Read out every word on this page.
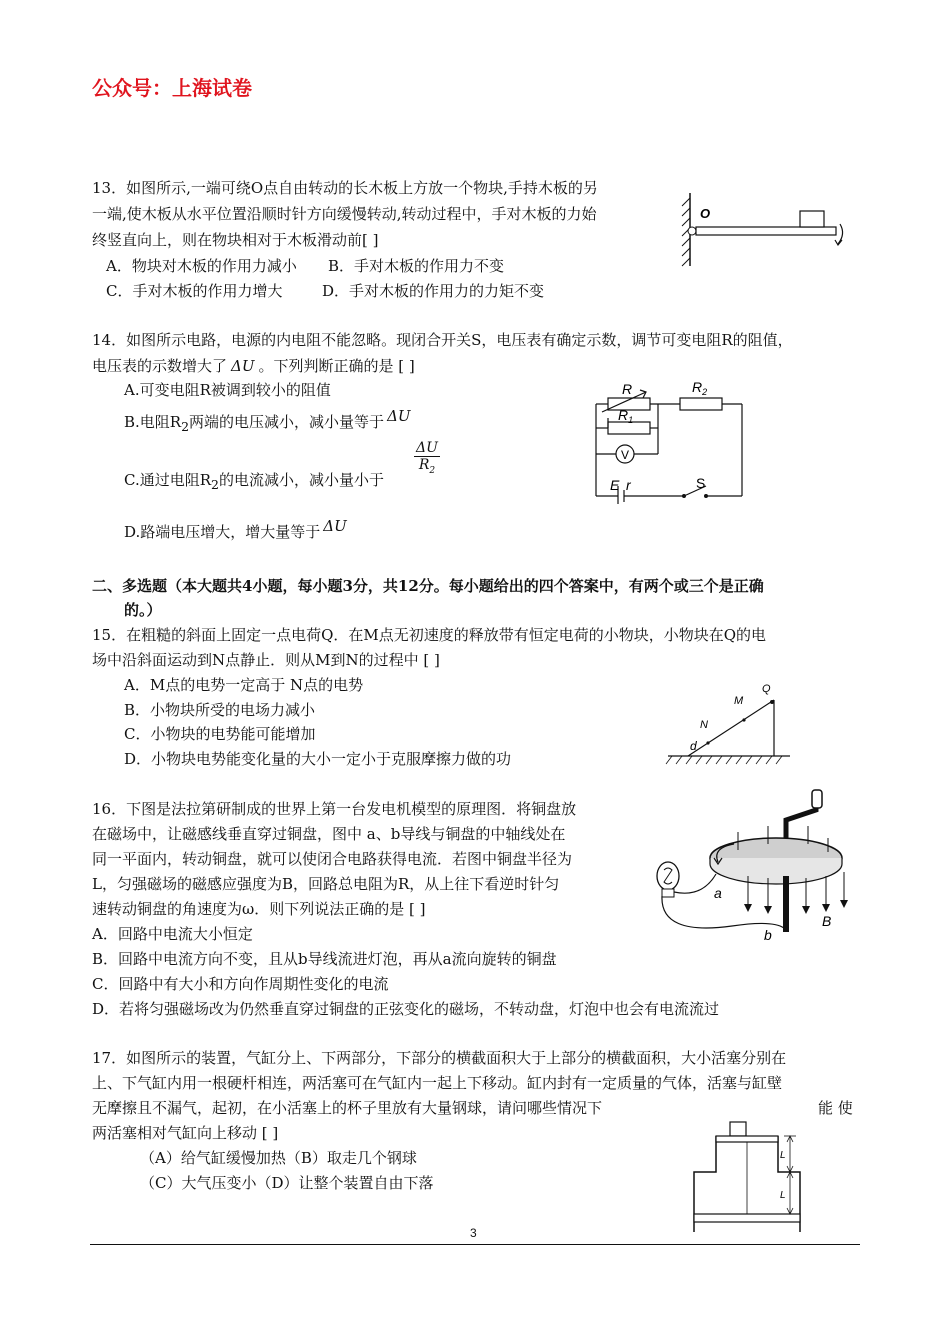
公众号：上海试卷
13．如图所示,一端可绕O点自由转动的长木板上方放一个物块,手持木板的另
一端,使木板从水平位置沿顺时针方向缓慢转动,转动过程中，手对木板的力始
终竖直向上，则在物块相对于木板滑动前[ ]
A．物块对木板的作用力减小 B．手对木板的作用力不变
C．手对木板的作用力增大	D．手对木板的作用力的力矩不变
O
14．如图所示电路，电源的内电阻不能忽略。现闭合开关S，电压表有确定示数，调节可变电阻R的阻值，
电压表的示数增大了 ΔU 。下列判断正确的是 [ ]
A.可变电阻R被调到较小的阻值
B.电阻$R_2$两端的电压减小，减小量等于 ΔU
C.通过电阻$R_2$的电流减小，减小量小于
$\frac{\Delta U}{R_2}$
D.路端电压增大，增大量等于 ΔU
R
$R_1$
$R_2$
V
E r	S
二、多选题（本大题共4小题，每小题3分，共12分。每小题给出的四个答案中，有两个或三个是正确
的。）
15．在粗糙的斜面上固定一点电荷Q．在M点无初速度的释放带有恒定电荷的小物块，小物块在Q的电
场中沿斜面运动到N点静止．则从M到N的过程中 [ ]
A．M点的电势一定高于 N点的电势
B．小物块所受的电场力减小
C．小物块的电势能可能增加
D．小物块电势能变化量的大小一定小于克服摩擦力做的功
Q
M
N
d
16．下图是法拉第研制成的世界上第一台发电机模型的原理图．将铜盘放
在磁场中，让磁感线垂直穿过铜盘，图中 a、b导线与铜盘的中轴线处在
同一平面内，转动铜盘，就可以使闭合电路获得电流．若图中铜盘半径为
L，匀强磁场的磁感应强度为B，回路总电阻为R，从上往下看逆时针匀
速转动铜盘的角速度为ω．则下列说法正确的是 [ ]
A．回路中电流大小恒定
B．回路中电流方向不变，且从b导线流进灯泡，再从a流向旋转的铜盘
C．回路中有大小和方向作周期性变化的电流
D．若将匀强磁场改为仍然垂直穿过铜盘的正弦变化的磁场，不转动盘，灯泡中也会有电流流过
a
b
B
17．如图所示的装置，气缸分上、下两部分，下部分的横截面积大于上部分的横截面积，大小活塞分别在
上、下气缸内用一根硬杆相连，两活塞可在气缸内一起上下移动。缸内封有一定质量的气体，活塞与缸壁
无摩擦且不漏气，起初，在小活塞上的杯子里放有大量钢球，请问哪些情况下	能 使
两活塞相对气缸向上移动 [ ]
（A）给气缸缓慢加热（B）取走几个钢球
（C）大气压变小（D）让整个装置自由下落
L
L
3
